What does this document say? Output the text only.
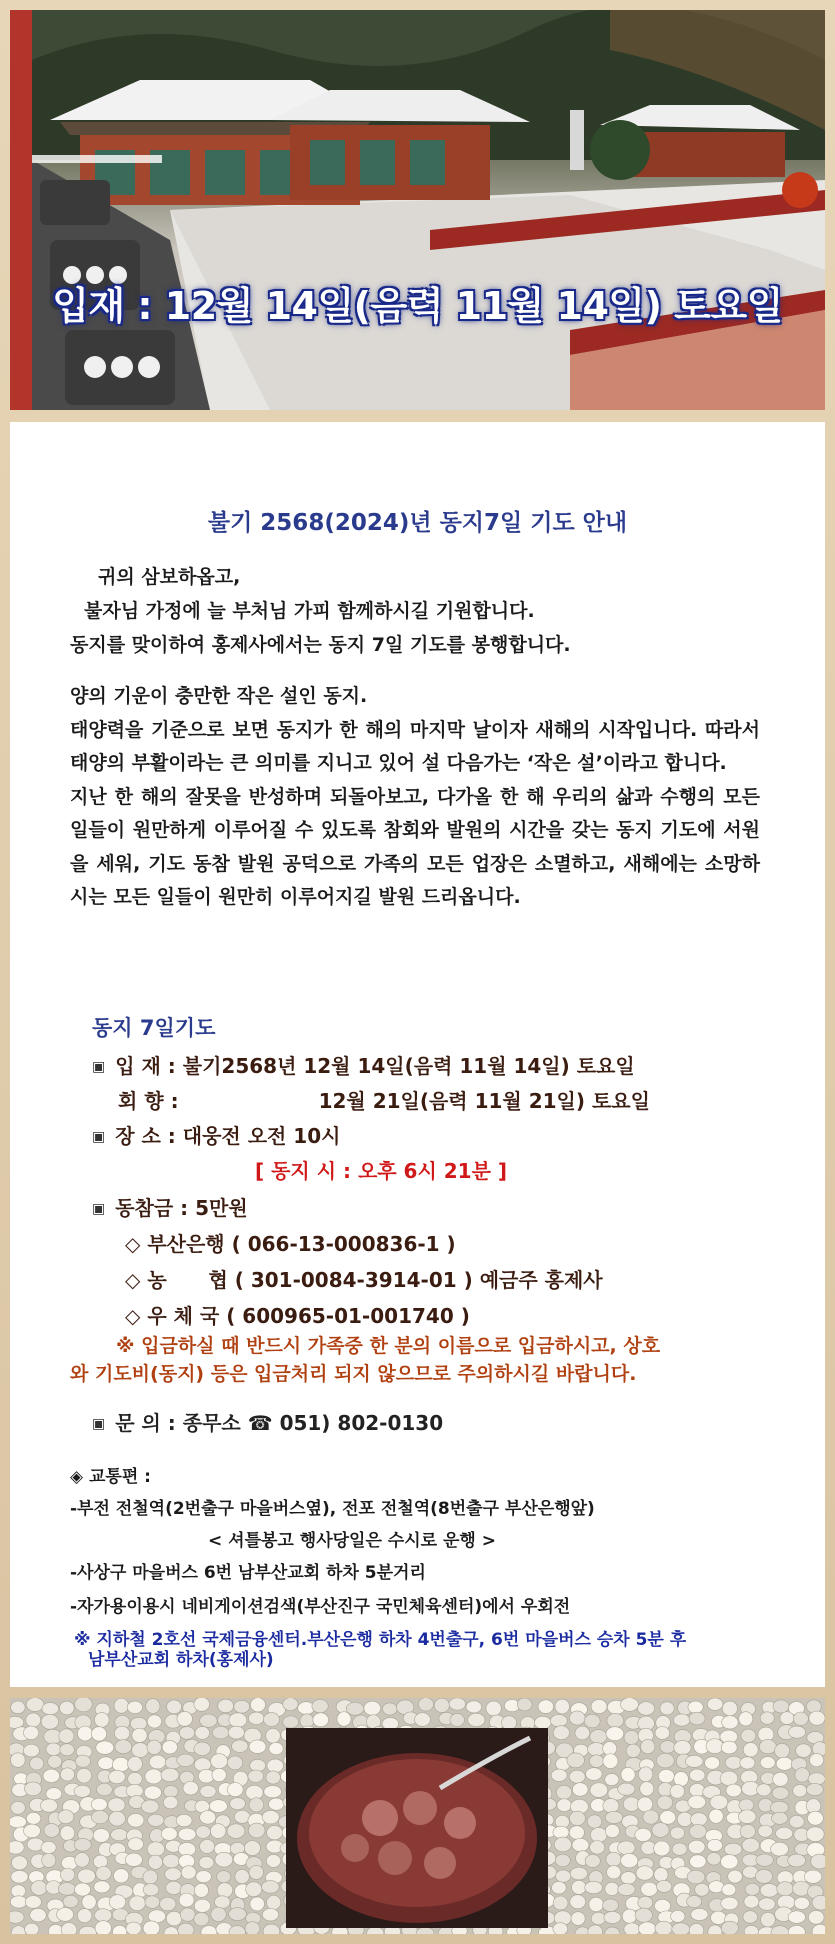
입재 : 12월 14일(음력 11월 14일) 토요일
불기 2568(2024)년 동지7일 기도 안내

귀의 삼보하옵고,

불자님 가정에 늘 부처님 가피 함께하시길 기원합니다.

동지를 맞이하여 홍제사에서는 동지 7일 기도를 봉행합니다.

양의 기운이 충만한 작은 설인 동지.

태양력을 기준으로 보면 동지가 한 해의 마지막 날이자 새해의 시작입니다. 따라서 태양의 부활이라는 큰 의미를 지니고 있어 설 다음가는 ‘작은 설’이라고 합니다.

지난 한 해의 잘못을 반성하며 되돌아보고, 다가올 한 해 우리의 삶과 수행의 모든 일들이 원만하게 이루어질 수 있도록 참회와 발원의 시간을 갖는 동지 기도에 서원을 세워, 기도 동참 발원 공덕으로 가족의 모든 업장은 소멸하고, 새해에는 소망하시는 모든 일들이 원만히 이루어지길 발원 드리옵니다.

동지 7일기도
▣ 입 재 : 불기2568년 12월 14일(음력 11월 14일) 토요일
회 향 :	12월 21일(음력 11월 21일) 토요일
▣ 장 소 : 대웅전 오전 10시
[ 동지 시 : 오후 6시 21분 ]
▣ 동참금 : 5만원
◇ 부산은행 ( 066-13-000836-1 )
◇ 농      협 ( 301-0084-3914-01 ) 예금주 홍제사
◇ 우 체 국 ( 600965-01-001740 )
※ 입금하실 때 반드시 가족중 한 분의 이름으로 입금하시고, 상호
와 기도비(동지) 등은 입금처리 되지 않으므로 주의하시길 바랍니다.
▣ 문 의 : 종무소 ☎ 051) 802-0130
◈ 교통편 :
-부전 전철역(2번출구 마을버스옆), 전포 전철역(8번출구 부산은행앞)
< 셔틀봉고 행사당일은 수시로 운행 >
-사상구 마을버스 6번 남부산교회 하차 5분거리
-자가용이용시 네비게이션검색(부산진구 국민체육센터)에서 우회전
※ 지하철 2호선 국제금융센터.부산은행 하차 4번출구, 6번 마을버스 승차 5분 후
남부산교회 하차(홍제사)
